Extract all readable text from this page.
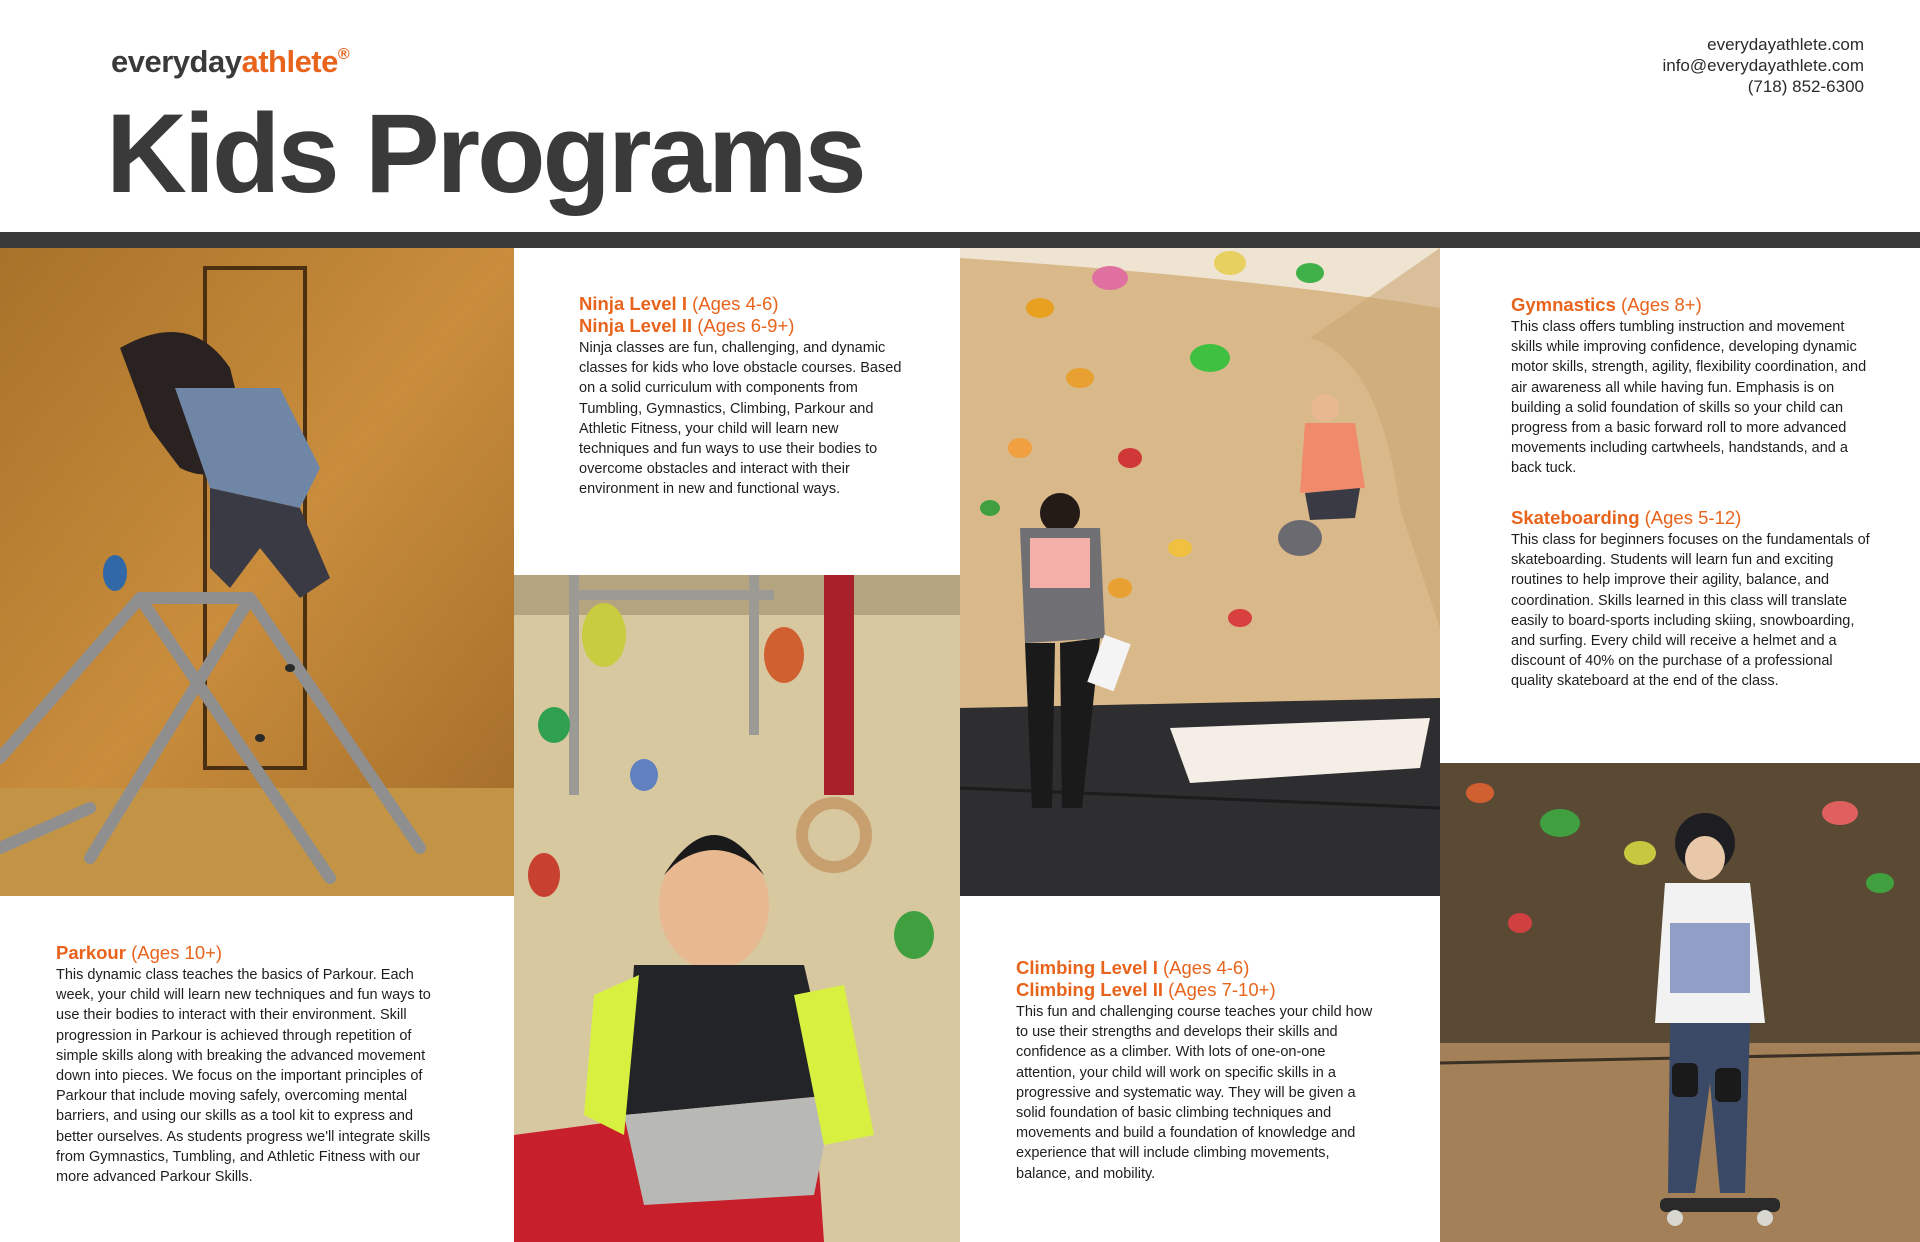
everydayathlete®
Kids Programs
everydayathlete.com
info@everydayathlete.com
(718) 852-6300
Ninja Level I (Ages 4-6)
Ninja Level II (Ages 6-9+)

Ninja classes are fun, challenging, and dynamic classes for kids who love obstacle courses. Based on a solid curriculum with components from Tumbling, Gymnastics, Climbing, Parkour and Athletic Fitness, your child will learn new techniques and fun ways to use their bodies to overcome obstacles and interact with their environment in new and functional ways.

Gymnastics (Ages 8+)

This class offers tumbling instruction and movement skills while improving confidence, developing dynamic motor skills, strength, agility, flexibility coordination, and air awareness all while having fun. Emphasis is on building a solid foundation of skills so your child can progress from a basic forward roll to more advanced movements including cartwheels, handstands, and a back tuck.

Skateboarding (Ages 5-12)

This class for beginners focuses on the fundamentals of skateboarding. Students will learn fun and exciting routines to help improve their agility, balance, and coordination. Skills learned in this class will translate easily to board-sports including skiing, snowboarding, and surfing. Every child will receive a helmet and a discount of 40% on the purchase of a professional quality skateboard at the end of the class.

Parkour (Ages 10+)

This dynamic class teaches the basics of Parkour. Each week, your child will learn new techniques and fun ways to use their bodies to interact with their environment. Skill progression in Parkour is achieved through repetition of simple skills along with breaking the advanced movement down into pieces. We focus on the important principles of Parkour that include moving safely, overcoming mental barriers, and using our skills as a tool kit to express and better ourselves. As students progress we'll integrate skills from Gymnastics, Tumbling, and Athletic Fitness with our more advanced Parkour Skills.

Climbing Level I (Ages 4-6)
Climbing Level II (Ages 7-10+)

This fun and challenging course teaches your child how to use their strengths and develops their skills and confidence as a climber. With lots of one-on-one attention, your child will work on specific skills in a progressive and systematic way. They will be given a solid foundation of basic climbing techniques and movements and build a foundation of knowledge and experience that will include climbing movements, balance, and mobility.
